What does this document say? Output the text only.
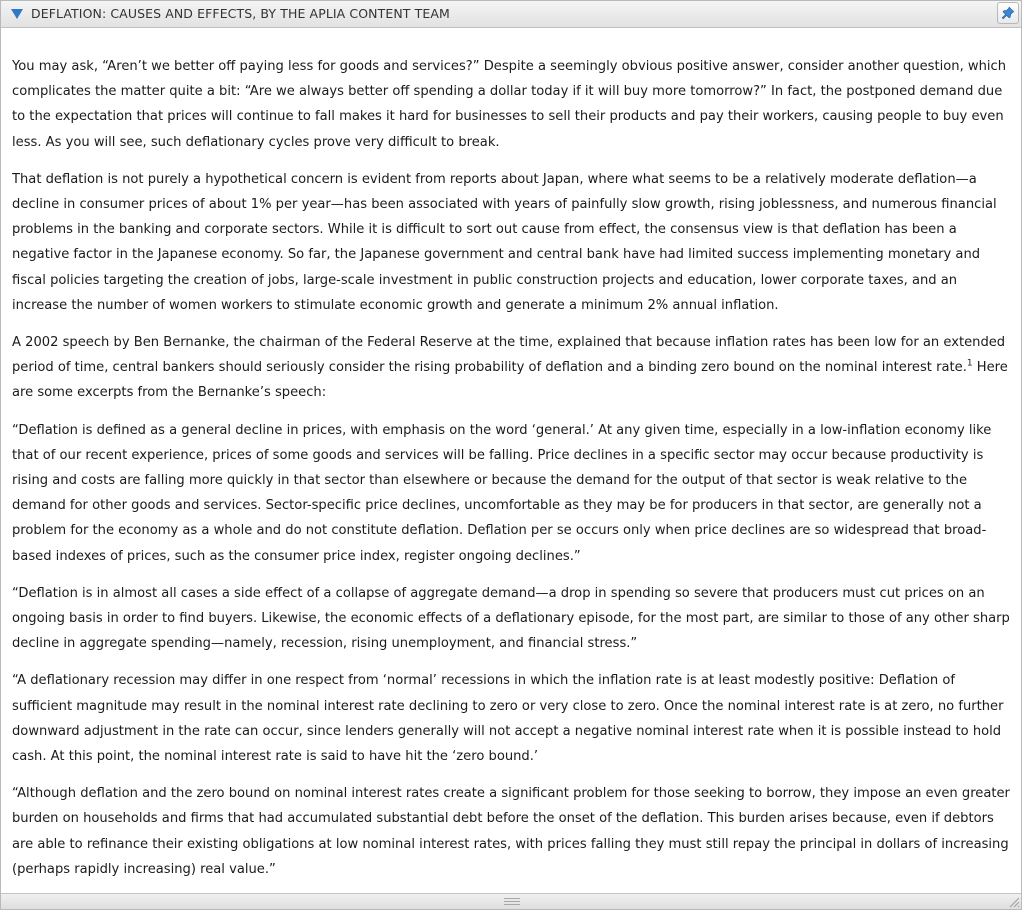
DEFLATION: CAUSES AND EFFECTS, BY THE APLIA CONTENT TEAM

You may ask, “Aren’t we better off paying less for goods and services?” Despite a seemingly obvious positive answer, consider another question, which complicates the matter quite a bit: “Are we always better off spending a dollar today if it will buy more tomorrow?” In fact, the postponed demand due to the expectation that prices will continue to fall makes it hard for businesses to sell their products and pay their workers, causing people to buy even less. As you will see, such deflationary cycles prove very difficult to break.

That deflation is not purely a hypothetical concern is evident from reports about Japan, where what seems to be a relatively moderate deflation—a decline in consumer prices of about 1% per year—has been associated with years of painfully slow growth, rising joblessness, and numerous financial problems in the banking and corporate sectors. While it is difficult to sort out cause from effect, the consensus view is that deflation has been a negative factor in the Japanese economy. So far, the Japanese government and central bank have had limited success implementing monetary and fiscal policies targeting the creation of jobs, large-scale investment in public construction projects and education, lower corporate taxes, and an increase the number of women workers to stimulate economic growth and generate a minimum 2% annual inflation.

A 2002 speech by Ben Bernanke, the chairman of the Federal Reserve at the time, explained that because inflation rates has been low for an extended period of time, central bankers should seriously consider the rising probability of deflation and a binding zero bound on the nominal interest rate.$^1$ Here are some excerpts from the Bernanke’s speech:

“Deflation is defined as a general decline in prices, with emphasis on the word ‘general.’ At any given time, especially in a low-inflation economy like that of our recent experience, prices of some goods and services will be falling. Price declines in a specific sector may occur because productivity is rising and costs are falling more quickly in that sector than elsewhere or because the demand for the output of that sector is weak relative to the demand for other goods and services. Sector-specific price declines, uncomfortable as they may be for producers in that sector, are generally not a problem for the economy as a whole and do not constitute deflation. Deflation per se occurs only when price declines are so widespread that broad-based indexes of prices, such as the consumer price index, register ongoing declines.”

“Deflation is in almost all cases a side effect of a collapse of aggregate demand—a drop in spending so severe that producers must cut prices on an ongoing basis in order to find buyers. Likewise, the economic effects of a deflationary episode, for the most part, are similar to those of any other sharp decline in aggregate spending—namely, recession, rising unemployment, and financial stress.”

“A deflationary recession may differ in one respect from ‘normal’ recessions in which the inflation rate is at least modestly positive: Deflation of sufficient magnitude may result in the nominal interest rate declining to zero or very close to zero. Once the nominal interest rate is at zero, no further downward adjustment in the rate can occur, since lenders generally will not accept a negative nominal interest rate when it is possible instead to hold cash. At this point, the nominal interest rate is said to have hit the ‘zero bound.’

“Although deflation and the zero bound on nominal interest rates create a significant problem for those seeking to borrow, they impose an even greater burden on households and firms that had accumulated substantial debt before the onset of the deflation. This burden arises because, even if debtors are able to refinance their existing obligations at low nominal interest rates, with prices falling they must still repay the principal in dollars of increasing (perhaps rapidly increasing) real value.”
